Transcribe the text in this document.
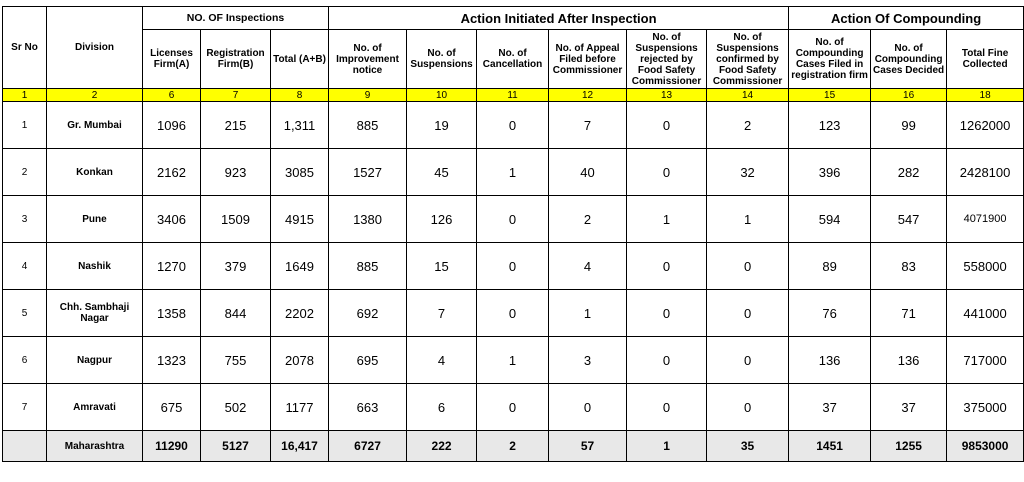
Sr No	Division	NO. OF Inspections			Action Initiated After Inspection						Action Of Compounding		
		Licenses Firm(A)	Registration Firm(B)	Total (A+B)	No. of Improvement notice	No. of Suspensions	No. of Cancellation	No. of Appeal Filed before Commissioner	No. of Suspensions rejected by Food Safety Commissioner	No. of Suspensions confirmed by Food Safety Commissioner	No. of Compounding Cases Filed in registration firm	No. of Compounding Cases Decided	Total Fine Collected
1	2	6	7	8	9	10	11	12	13	14	15	16	18
1	Gr. Mumbai	1096	215	1,311	885	19	0	7	0	2	123	99	1262000
2	Konkan	2162	923	3085	1527	45	1	40	0	32	396	282	2428100
3	Pune	3406	1509	4915	1380	126	0	2	1	1	594	547	4071900
4	Nashik	1270	379	1649	885	15	0	4	0	0	89	83	558000
5	Chh. Sambhaji Nagar	1358	844	2202	692	7	0	1	0	0	76	71	441000
6	Nagpur	1323	755	2078	695	4	1	3	0	0	136	136	717000
7	Amravati	675	502	1177	663	6	0	0	0	0	37	37	375000
	Maharashtra	11290	5127	16,417	6727	222	2	57	1	35	1451	1255	9853000
